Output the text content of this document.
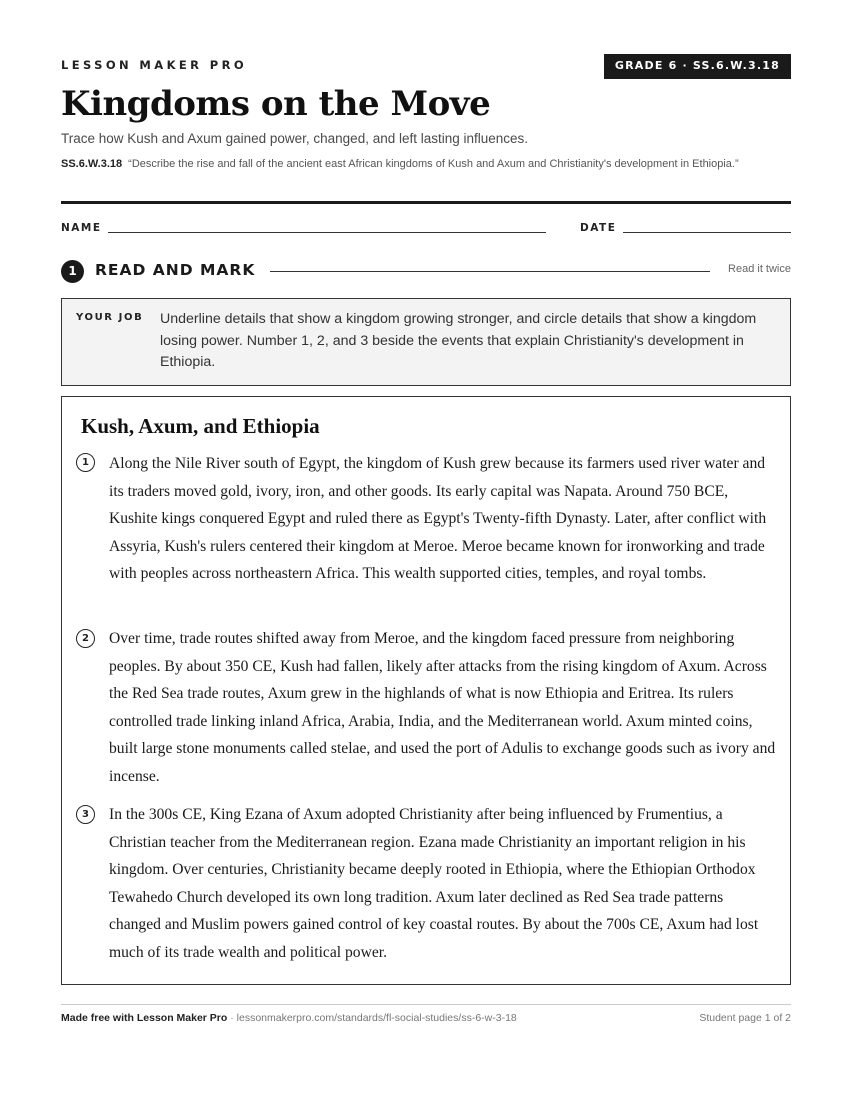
LESSON MAKER PRO	GRADE 6 · SS.6.W.3.18
Kingdoms on the Move
Trace how Kush and Axum gained power, changed, and left lasting influences.
SS.6.W.3.18 “Describe the rise and fall of the ancient east African kingdoms of Kush and Axum and Christianity's development in Ethiopia.”
NAME	DATE
1	READ AND MARK	Read it twice
YOUR JOB Underline details that show a kingdom growing stronger, and circle details that show a kingdom losing power. Number 1, 2, and 3 beside the events that explain Christianity's development in Ethiopia.
Kush, Axum, and Ethiopia
1	Along the Nile River south of Egypt, the kingdom of Kush grew because its farmers used river water and its traders moved gold, ivory, iron, and other goods. Its early capital was Napata. Around 750 BCE, Kushite kings conquered Egypt and ruled there as Egypt's Twenty-fifth Dynasty. Later, after conflict with Assyria, Kush's rulers centered their kingdom at Meroe. Meroe became known for ironworking and trade with peoples across northeastern Africa. This wealth supported cities, temples, and royal tombs.
2	Over time, trade routes shifted away from Meroe, and the kingdom faced pressure from neighboring peoples. By about 350 CE, Kush had fallen, likely after attacks from the rising kingdom of Axum. Across the Red Sea trade routes, Axum grew in the highlands of what is now Ethiopia and Eritrea. Its rulers controlled trade linking inland Africa, Arabia, India, and the Mediterranean world. Axum minted coins, built large stone monuments called stelae, and used the port of Adulis to exchange goods such as ivory and incense.
3	In the 300s CE, King Ezana of Axum adopted Christianity after being influenced by Frumentius, a Christian teacher from the Mediterranean region. Ezana made Christianity an important religion in his kingdom. Over centuries, Christianity became deeply rooted in Ethiopia, where the Ethiopian Orthodox Tewahedo Church developed its own long tradition. Axum later declined as Red Sea trade patterns changed and Muslim powers gained control of key coastal routes. By about the 700s CE, Axum had lost much of its trade wealth and political power.
Made free with Lesson Maker Pro · lessonmakerpro.com/standards/fl-social-studies/ss-6-w-3-18	Student page 1 of 2
